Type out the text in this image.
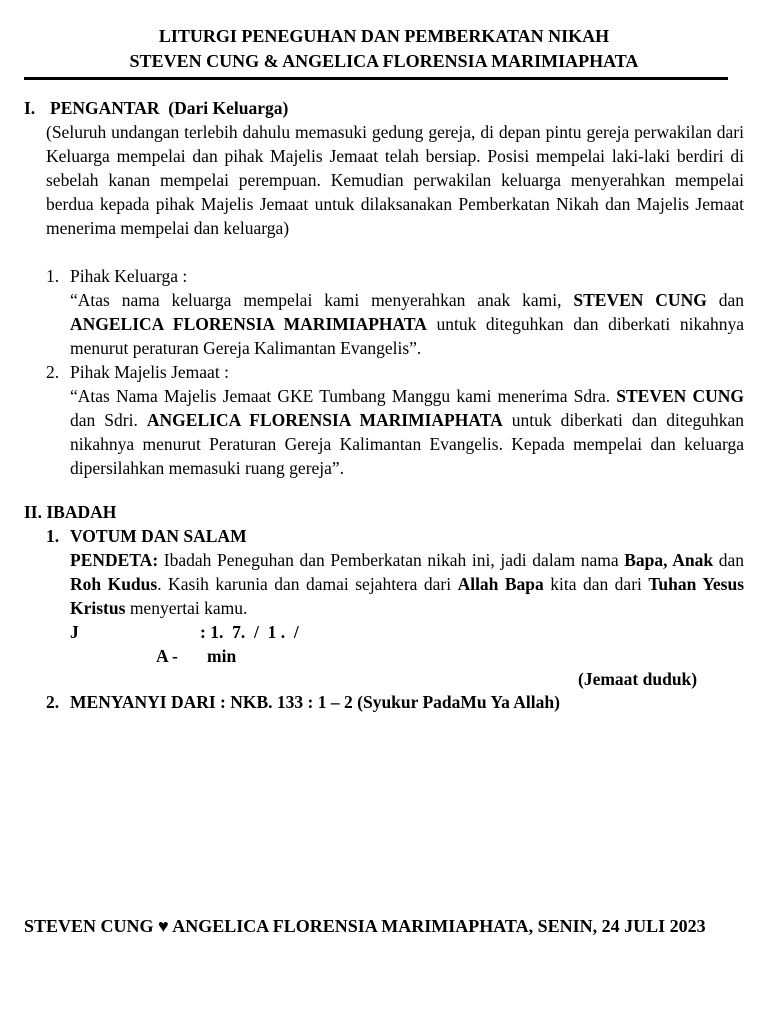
LITURGI PENEGUHAN DAN PEMBERKATAN NIKAH
STEVEN CUNG & ANGELICA FLORENSIA MARIMIAPHATA
I. PENGANTAR  (Dari Keluarga)
(Seluruh undangan terlebih dahulu memasuki gedung gereja, di depan pintu gereja perwakilan dari Keluarga mempelai dan pihak Majelis Jemaat telah bersiap. Posisi mempelai laki-laki berdiri di sebelah kanan mempelai perempuan. Kemudian perwakilan keluarga menyerahkan mempelai berdua kepada pihak Majelis Jemaat untuk dilaksanakan Pemberkatan Nikah dan Majelis Jemaat menerima mempelai dan keluarga)
1. Pihak Keluarga :
“Atas nama keluarga mempelai kami menyerahkan anak kami, STEVEN CUNG dan ANGELICA FLORENSIA MARIMIAPHATA untuk diteguhkan dan diberkati nikahnya menurut peraturan Gereja Kalimantan Evangelis”.
2. Pihak Majelis Jemaat :
“Atas Nama Majelis Jemaat GKE Tumbang Manggu kami menerima Sdra. STEVEN CUNG dan Sdri. ANGELICA FLORENSIA MARIMIAPHATA untuk diberkati dan diteguhkan nikahnya menurut Peraturan Gereja Kalimantan Evangelis. Kepada mempelai dan keluarga dipersilahkan memasuki ruang gereja”.
II. IBADAH
1. VOTUM DAN SALAM
PENDETA: Ibadah Peneguhan dan Pemberkatan nikah ini, jadi dalam nama Bapa, Anak dan Roh Kudus. Kasih karunia dan damai sejahtera dari Allah Bapa kita dan dari Tuhan Yesus Kristus menyertai kamu.
J	: 1.  7.  /  1 .  /
A - min
(Jemaat duduk)
2. MENYANYI DARI : NKB. 133 : 1 – 2 (Syukur PadaMu Ya Allah)
STEVEN CUNG ♥ ANGELICA FLORENSIA MARIMIAPHATA, SENIN, 24 JULI 2023
